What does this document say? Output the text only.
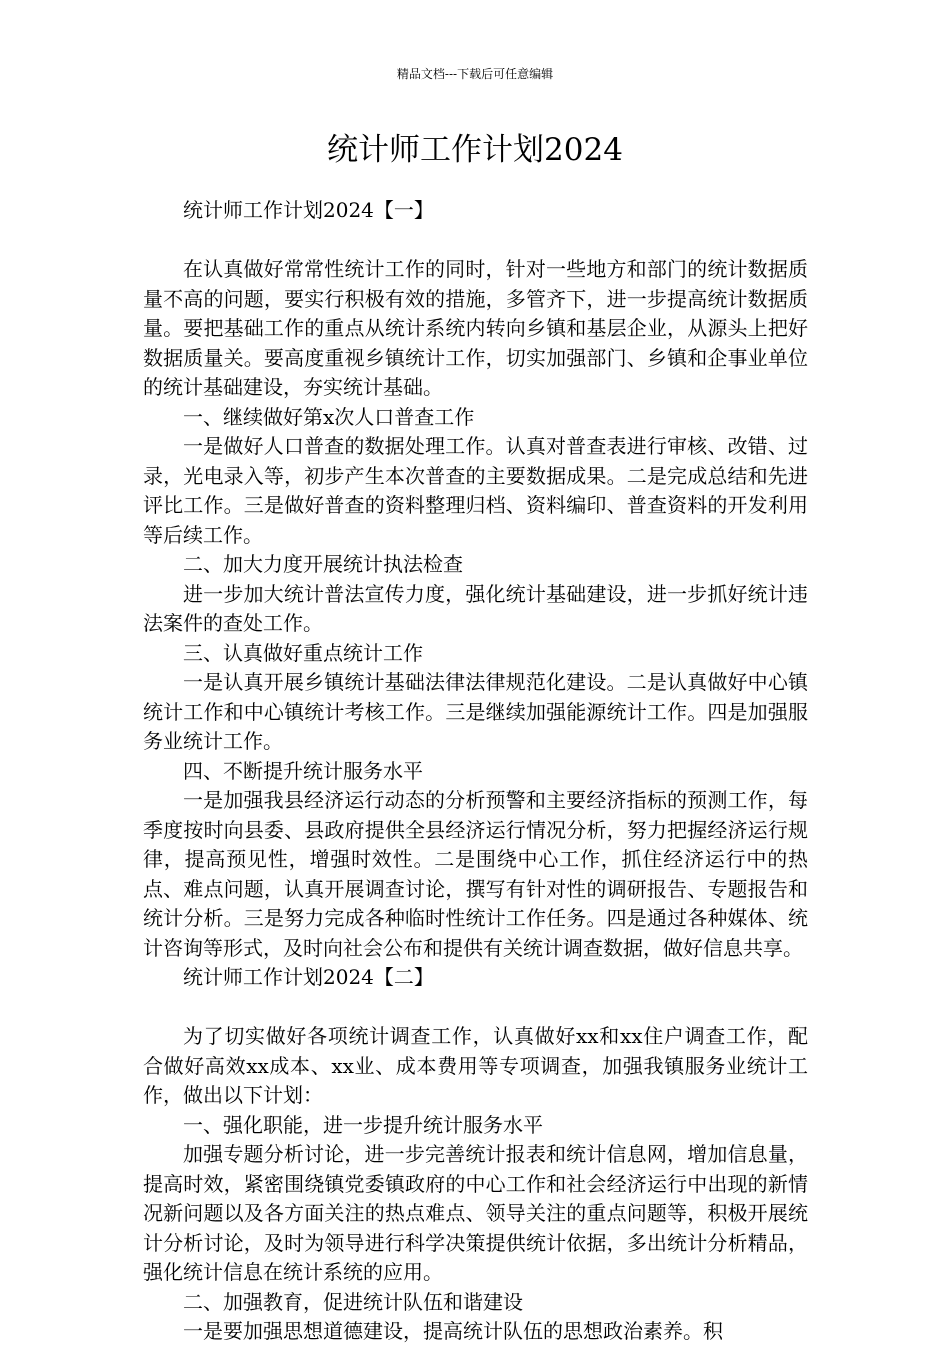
精品文档---下载后可任意编辑
统计师工作计划2024

统计师工作计划2024【一】

在认真做好常常性统计工作的同时，针对一些地方和部门的统计数据质量不高的问题，要实行积极有效的措施，多管齐下，进一步提高统计数据质量。要把基础工作的重点从统计系统内转向乡镇和基层企业，从源头上把好数据质量关。要高度重视乡镇统计工作，切实加强部门、乡镇和企事业单位的统计基础建设，夯实统计基础。

一、继续做好第x次人口普查工作

一是做好人口普查的数据处理工作。认真对普查表进行审核、改错、过录，光电录入等，初步产生本次普查的主要数据成果。二是完成总结和先进评比工作。三是做好普查的资料整理归档、资料编印、普查资料的开发利用等后续工作。

二、加大力度开展统计执法检查

进一步加大统计普法宣传力度，强化统计基础建设，进一步抓好统计违法案件的查处工作。

三、认真做好重点统计工作

一是认真开展乡镇统计基础法律法律规范化建设。二是认真做好中心镇统计工作和中心镇统计考核工作。三是继续加强能源统计工作。四是加强服务业统计工作。

四、不断提升统计服务水平

一是加强我县经济运行动态的分析预警和主要经济指标的预测工作，每季度按时向县委、县政府提供全县经济运行情况分析，努力把握经济运行规律，提高预见性，增强时效性。二是围绕中心工作，抓住经济运行中的热点、难点问题，认真开展调查讨论，撰写有针对性的调研报告、专题报告和统计分析。三是努力完成各种临时性统计工作任务。四是通过各种媒体、统计咨询等形式，及时向社会公布和提供有关统计调查数据，做好信息共享。

统计师工作计划2024【二】

为了切实做好各项统计调查工作，认真做好xx和xx住户调查工作，配合做好高效xx成本、xx业、成本费用等专项调查，加强我镇服务业统计工作，做出以下计划：

一、强化职能，进一步提升统计服务水平

加强专题分析讨论，进一步完善统计报表和统计信息网，增加信息量，提高时效，紧密围绕镇党委镇政府的中心工作和社会经济运行中出现的新情况新问题以及各方面关注的热点难点、领导关注的重点问题等，积极开展统计分析讨论，及时为领导进行科学决策提供统计依据，多出统计分析精品，强化统计信息在统计系统的应用。

二、加强教育，促进统计队伍和谐建设

一是要加强思想道德建设，提高统计队伍的思想政治素养。积
